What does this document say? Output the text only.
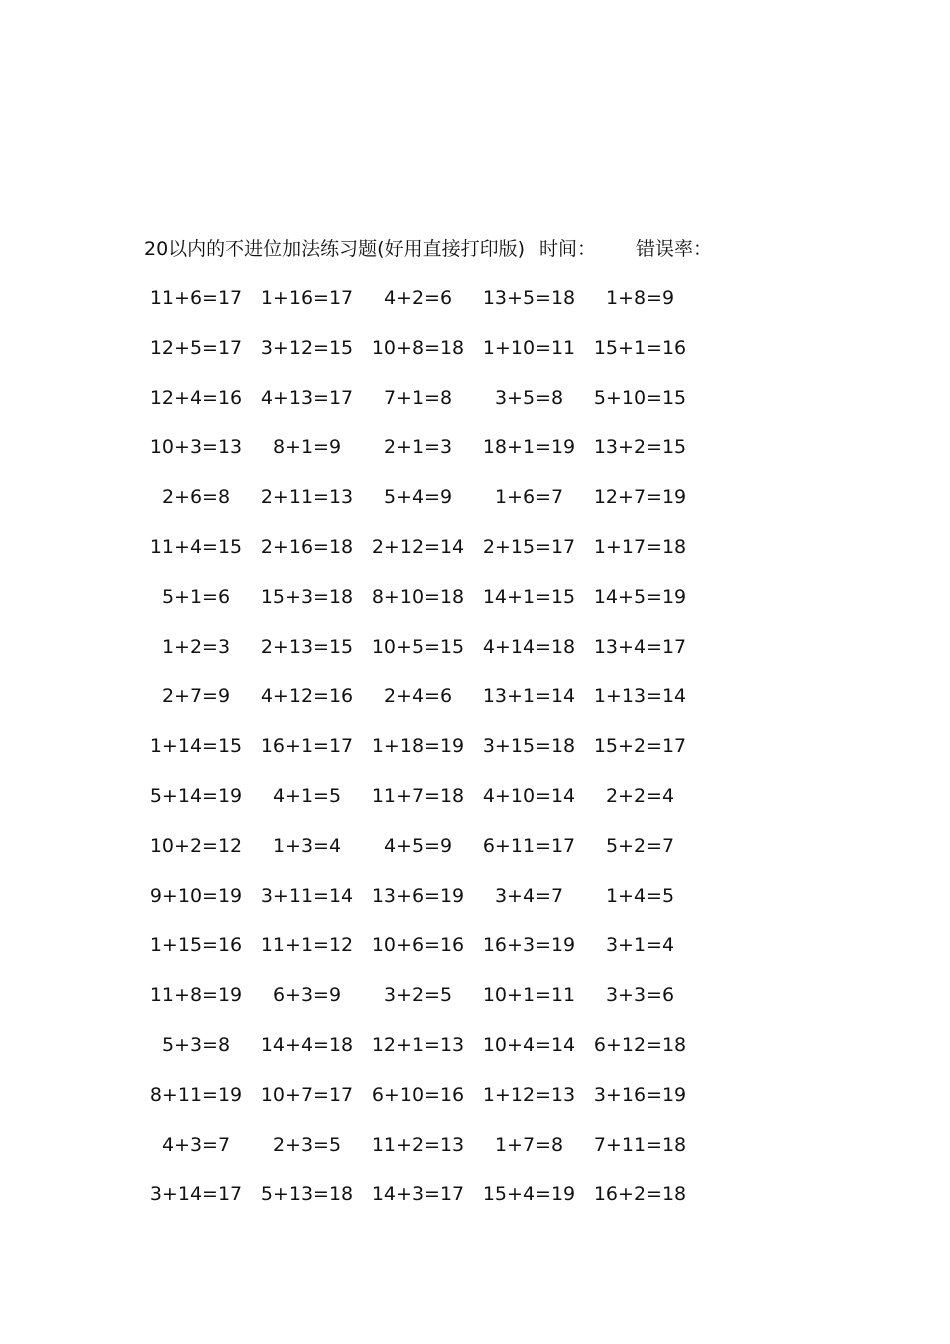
20以内的不进位加法练习题(好用直接打印版) 时间： 错误率：
11+6=17 1+16=17	4+2=6	13+5=18	1+8=9
12+5=17 3+12=15 10+8=18 1+10=11 15+1=16
12+4=16 4+13=17	7+1=8	3+5=8	5+10=15
10+3=13	8+1=9	2+1=3	18+1=19 13+2=15
2+6=8	2+11=13	5+4=9	1+6=7	12+7=19
11+4=15 2+16=18 2+12=14 2+15=17 1+17=18
5+1=6	15+3=18 8+10=18 14+1=15 14+5=19
1+2=3	2+13=15 10+5=15 4+14=18 13+4=17
2+7=9	4+12=16	2+4=6	13+1=14 1+13=14
1+14=15 16+1=17 1+18=19 3+15=18 15+2=17
5+14=19	4+1=5	11+7=18 4+10=14	2+2=4
10+2=12	1+3=4	4+5=9	6+11=17	5+2=7
9+10=19 3+11=14 13+6=19	3+4=7	1+4=5
1+15=16 11+1=12 10+6=16 16+3=19	3+1=4
11+8=19	6+3=9	3+2=5	10+1=11	3+3=6
5+3=8	14+4=18 12+1=13 10+4=14 6+12=18
8+11=19 10+7=17 6+10=16 1+12=13 3+16=19
4+3=7	2+3=5	11+2=13	1+7=8	7+11=18
3+14=17 5+13=18 14+3=17 15+4=19 16+2=18
